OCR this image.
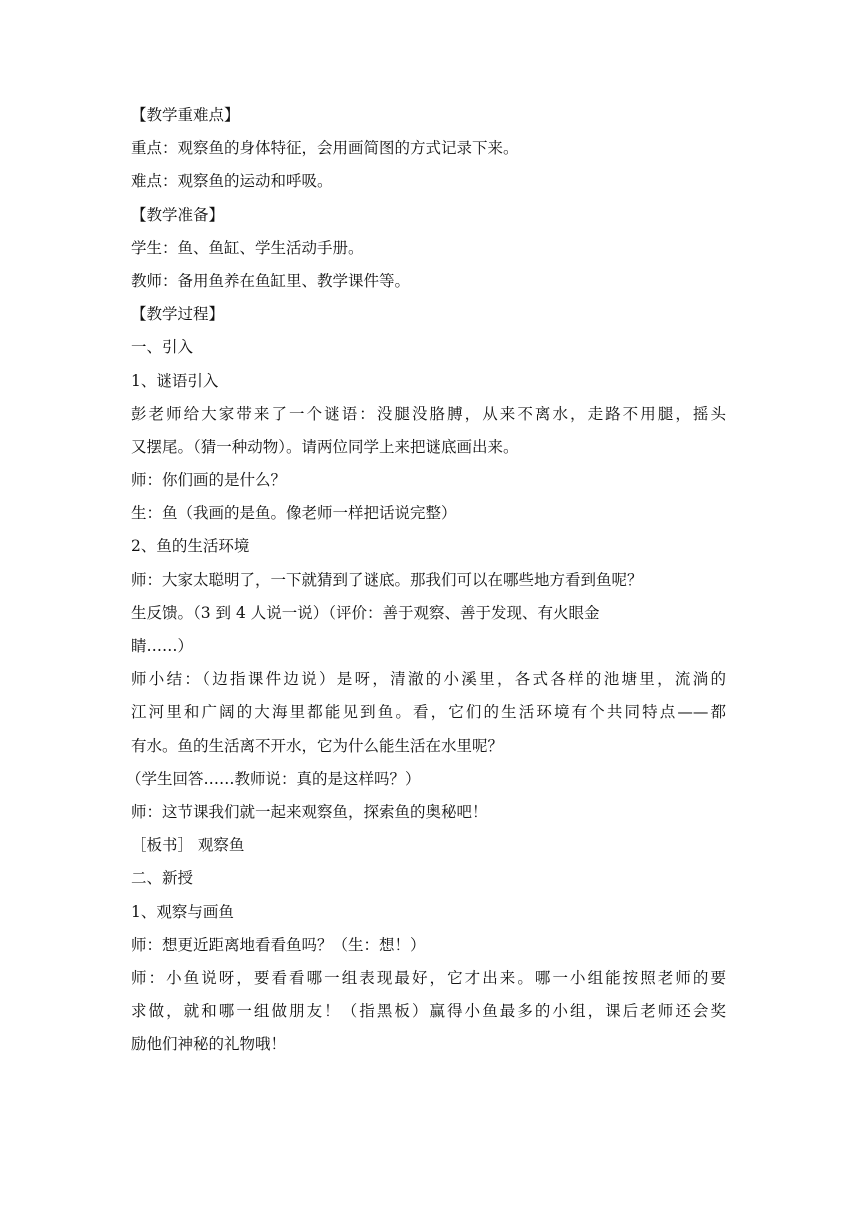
【教学重难点】
重点：观察鱼的身体特征，会用画简图的方式记录下来。
难点：观察鱼的运动和呼吸。
【教学准备】
学生：鱼、鱼缸、学生活动手册。
教师：备用鱼养在鱼缸里、教学课件等。
【教学过程】
一、引入
1、谜语引入
彭老师给大家带来了一个谜语：没腿没胳膊，从来不离水，走路不用腿，摇头
又摆尾。（猜一种动物）。请两位同学上来把谜底画出来。
师：你们画的是什么？
生：鱼（我画的是鱼。像老师一样把话说完整）
2、鱼的生活环境
师：大家太聪明了，一下就猜到了谜底。那我们可以在哪些地方看到鱼呢？
生反馈。（3 到 4 人说一说）（评价：善于观察、善于发现、有火眼金
睛……）
师小结：（边指课件边说）是呀，清澈的小溪里，各式各样的池塘里，流淌的
江河里和广阔的大海里都能见到鱼。看，它们的生活环境有个共同特点——都
有水。鱼的生活离不开水，它为什么能生活在水里呢？
（学生回答……教师说：真的是这样吗？）
师：这节课我们就一起来观察鱼，探索鱼的奥秘吧！
［板书］ 观察鱼
二、新授
1、观察与画鱼
师：想更近距离地看看鱼吗？（生：想！）
师：小鱼说呀，要看看哪一组表现最好，它才出来。哪一小组能按照老师的要
求做，就和哪一组做朋友！（指黑板）赢得小鱼最多的小组，课后老师还会奖
励他们神秘的礼物哦！
